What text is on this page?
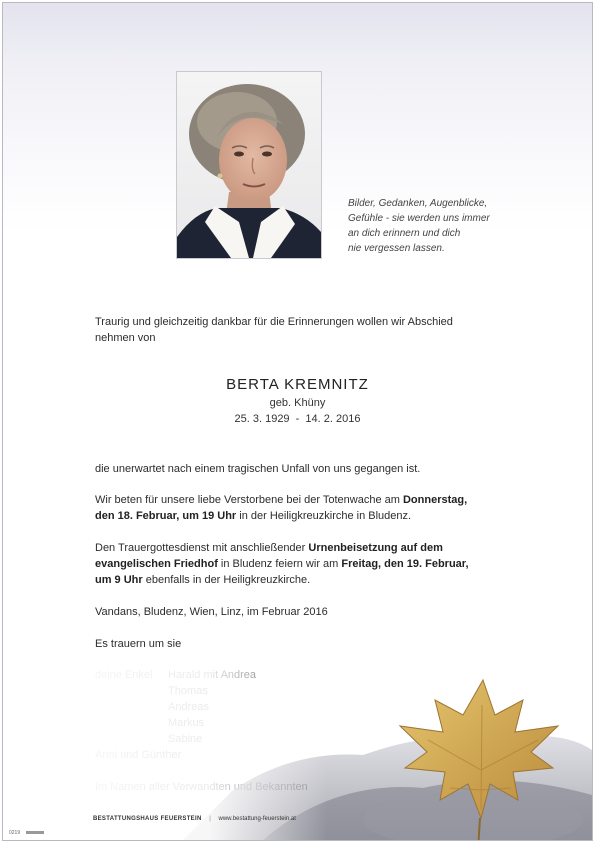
Bilder, Gedanken, Augenblicke,
Gefühle - sie werden uns immer
an dich erinnern und dich
nie vergessen lassen.
Traurig und gleichzeitig dankbar für die Erinnerungen wollen wir Abschied
nehmen von
BERTA KREMNITZ
geb. Khüny
25. 3. 1929  -  14. 2. 2016
die unerwartet nach einem tragischen Unfall von uns gegangen ist.
Wir beten für unsere liebe Verstorbene bei der Totenwache am Donnerstag,
den 18. Februar, um 19 Uhr in der Heiligkreuzkirche in Bludenz.
Den Trauergottesdienst mit anschließender Urnenbeisetzung auf dem
evangelischen Friedhof in Bludenz feiern wir am Freitag, den 19. Februar,
um 9 Uhr ebenfalls in der Heiligkreuzkirche.
Vandans, Bludenz, Wien, Linz, im Februar 2016
Es trauern um sie
BESTATTUNGSHAUS FEUERSTEIN | www.bestattung-feuerstein.at
0219
